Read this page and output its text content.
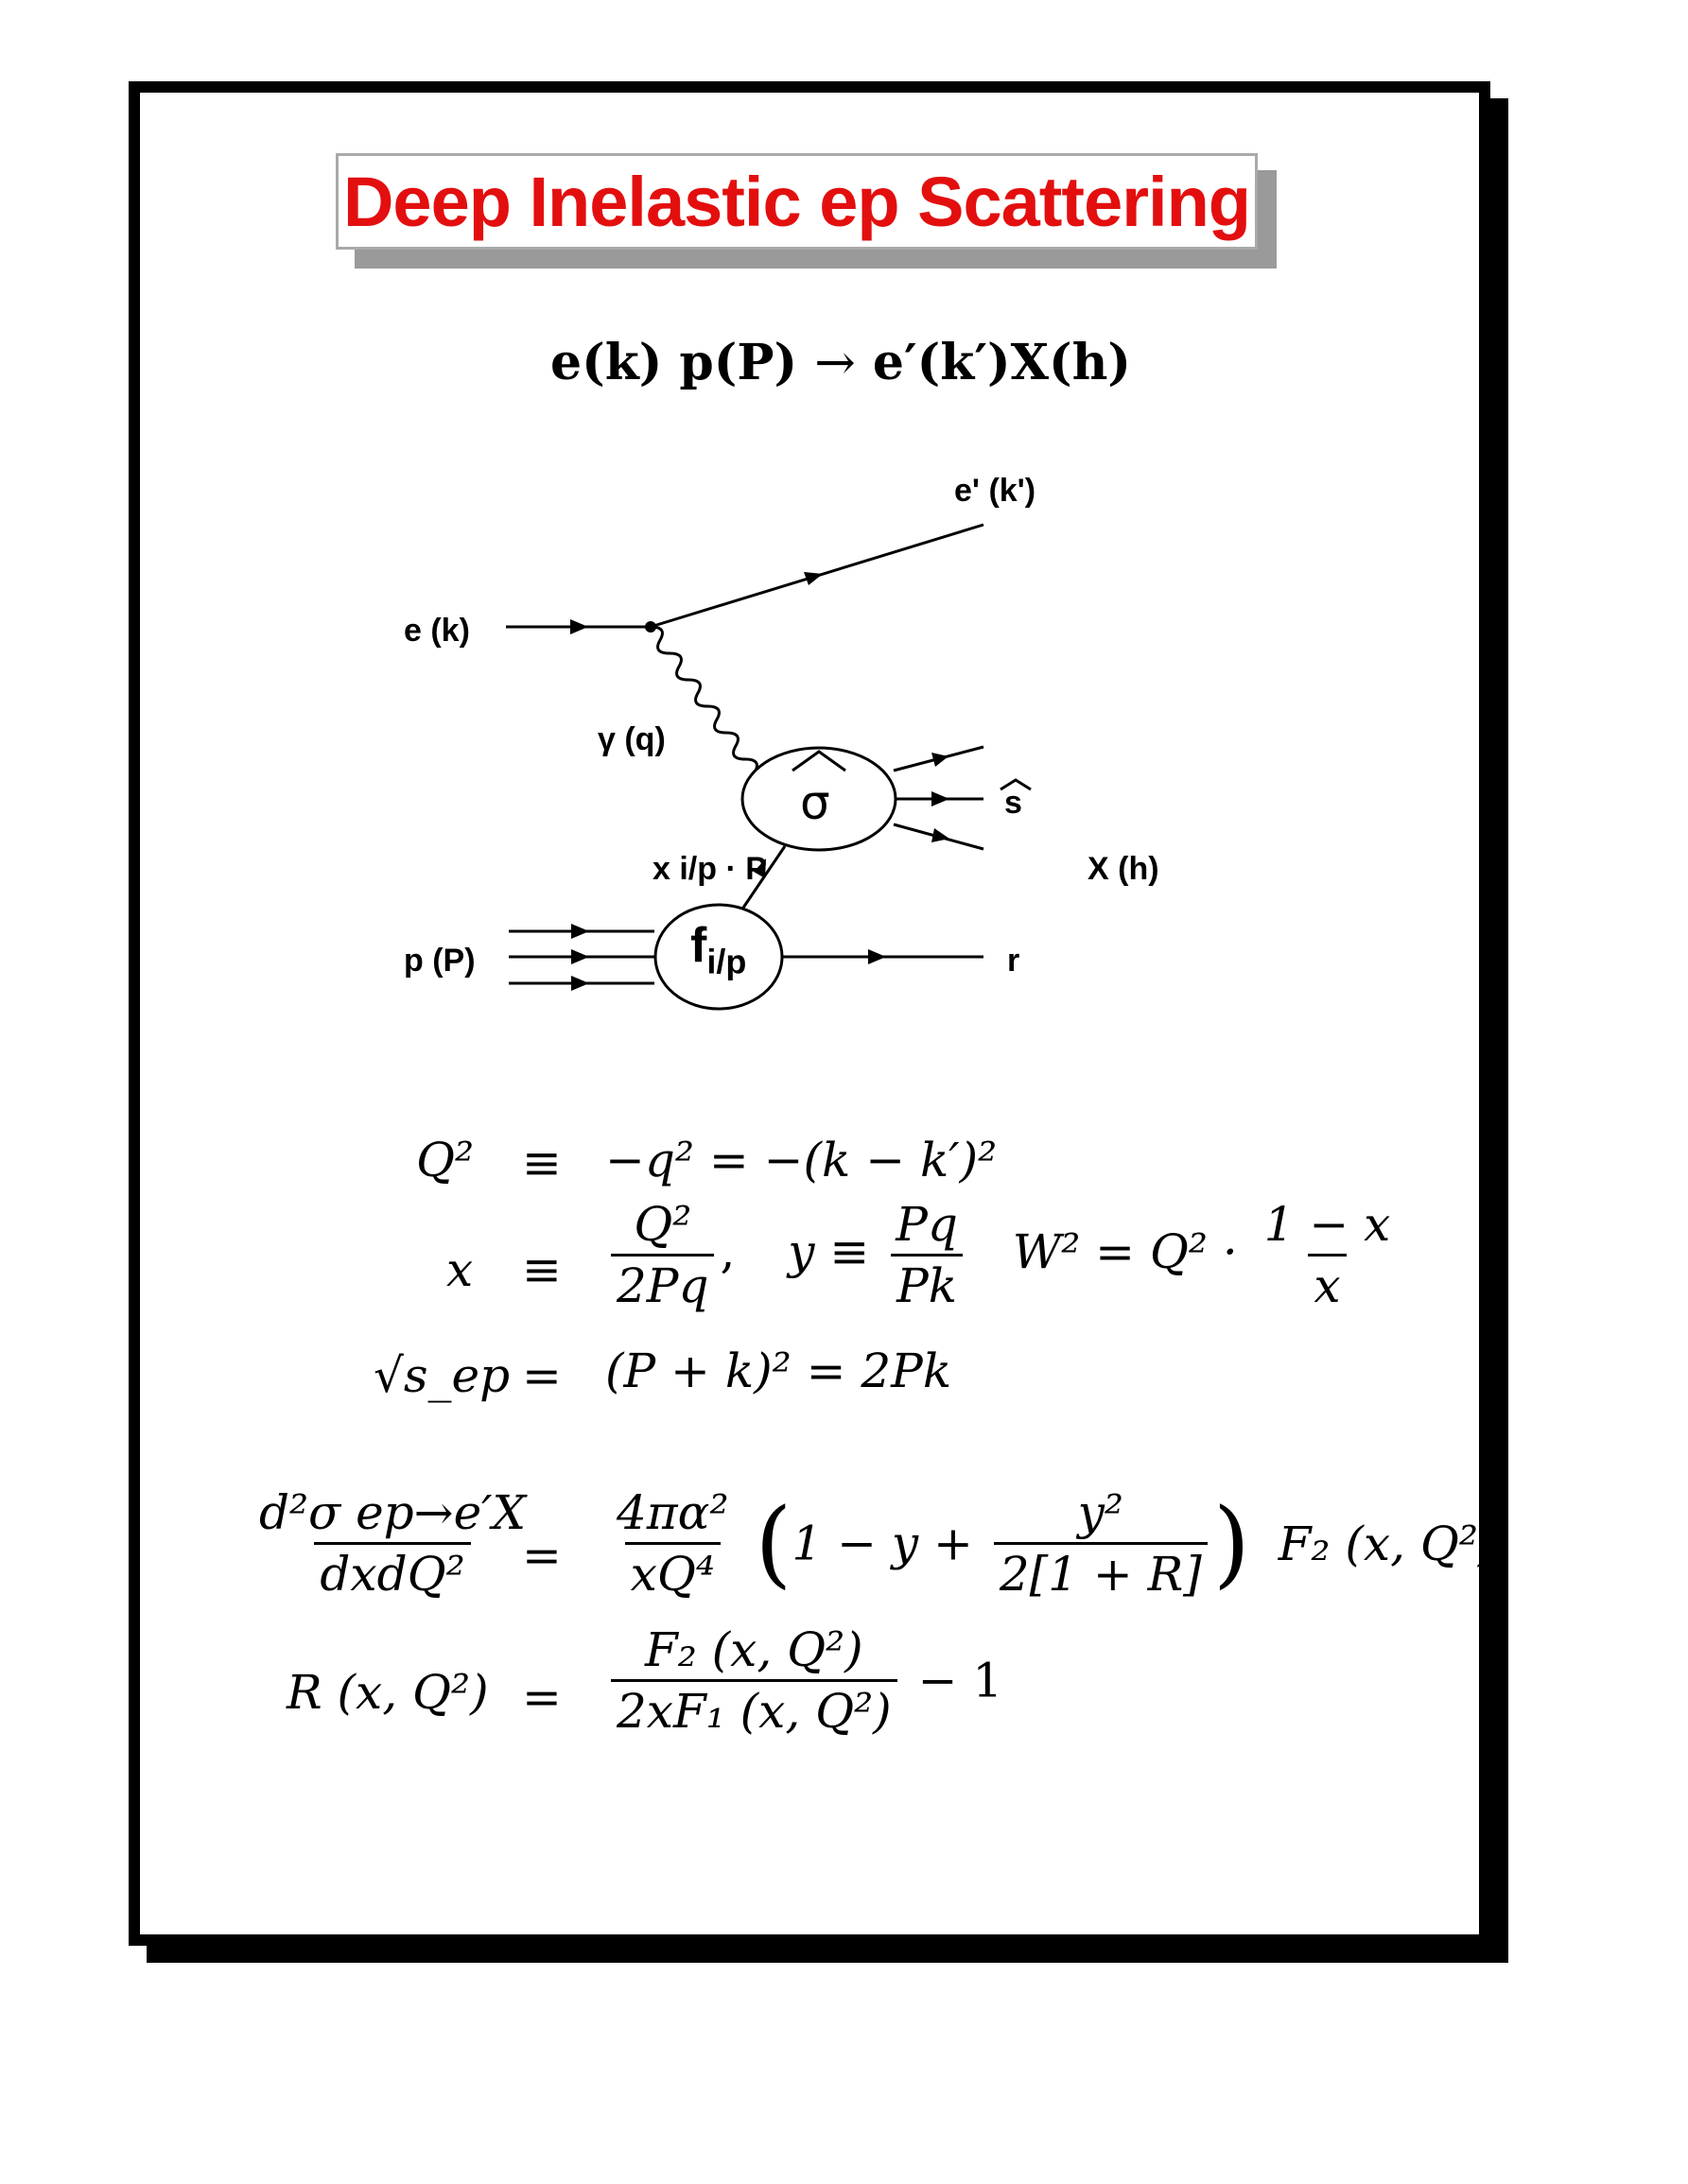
Deep Inelastic ep Scattering
e(k) p(P) → e′(k′)X(h)
e (k)
e' (k')
γ (q)
σ	s
X (h)
x i/p · P
$f_{i/p}$
p (P)	r
Q² ≡ −q² = −(k − k′)²
$x \equiv \frac{\text{Q²}}{2Pq}$ , $y \equiv \frac{Pq}{Pk} W^2 = Q^2 \cdot \frac{1 - x}{x}$
√s_ep = (P + k)² = 2Pk
$\frac{\text{d²σ ep→e′X}}{\text{dxdQ²}}$
= $\frac{\text{4πα²}}{\text{xQ⁴}} (1 - y + \frac{\text{y²}}{2[1 + R]}$ ) F₂ (x, Q²)
R (x, $Q^2) = \frac{\text{F₂ (x, Q²)}}{\text{2xF₁ (x, Q²)}} - 1$
